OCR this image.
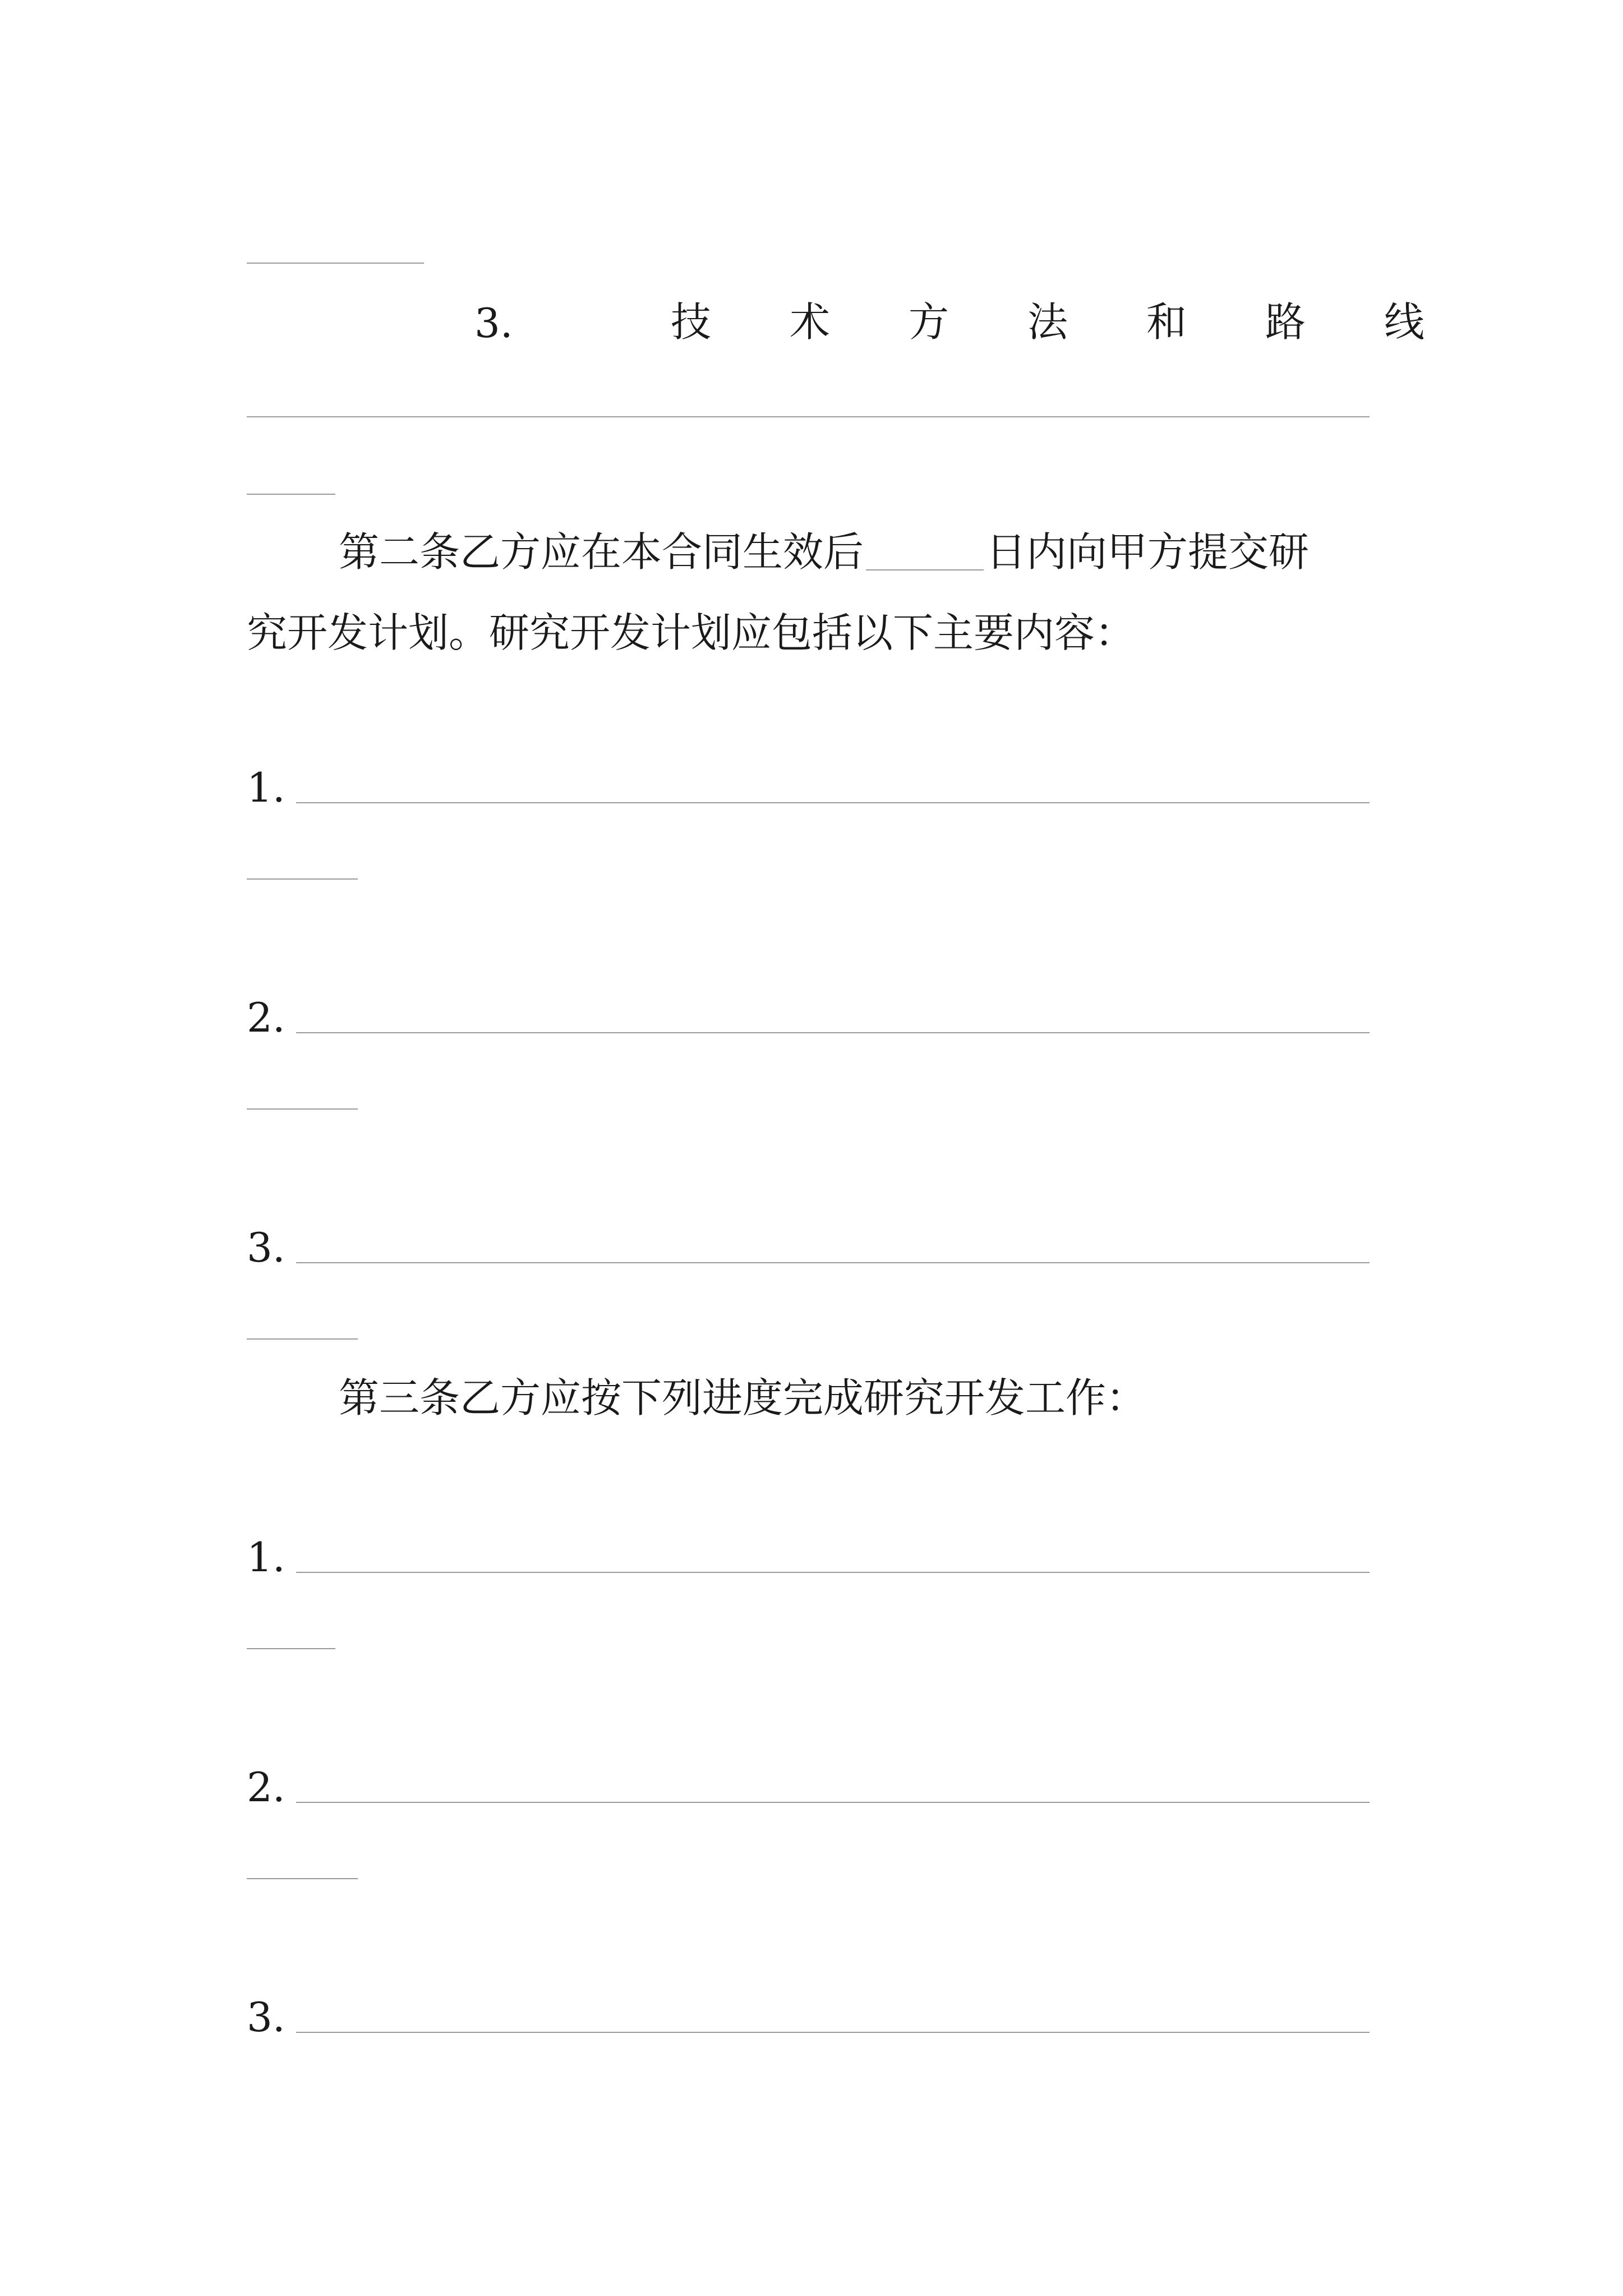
3.	技 术 方 法 和 路 线
第二条乙方应在本合同生效后	日内向甲方提交研
究开发计划。研究开发计划应包括以下主要内容：
1.
2.
3.
第三条乙方应按下列进度完成研究开发工作：
1.
2.
3.
